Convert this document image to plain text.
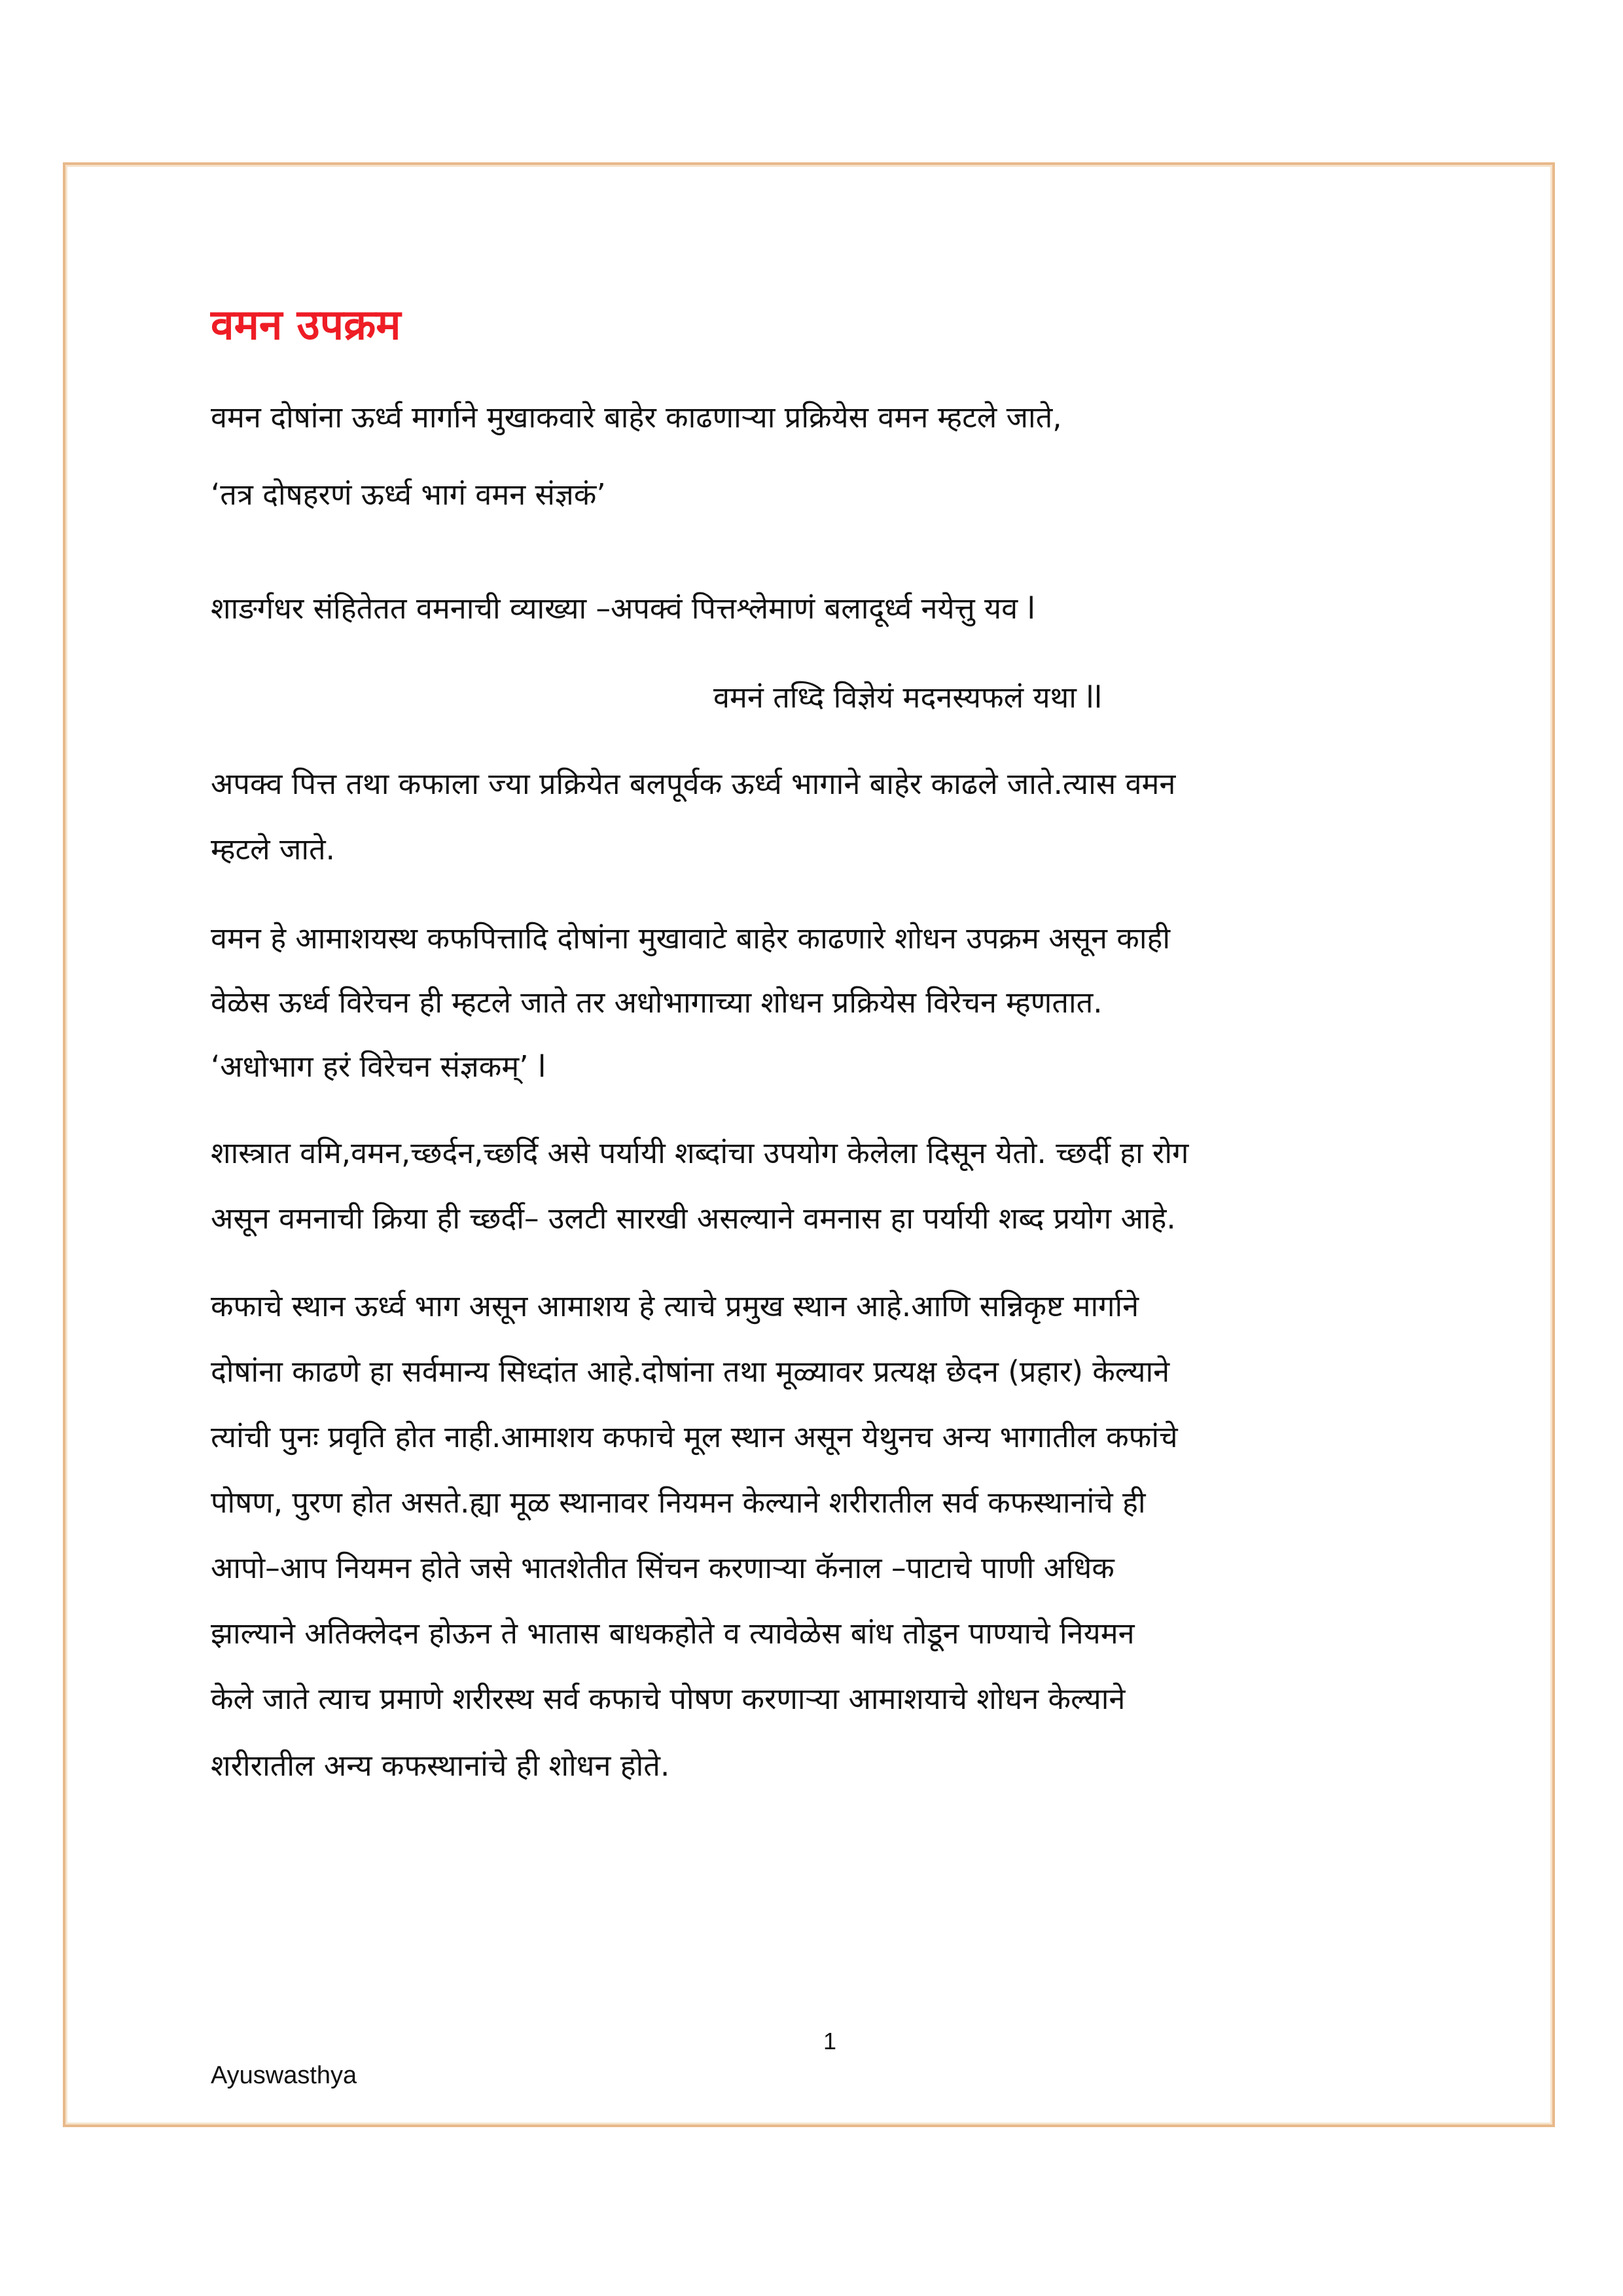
वमन उपक्रम

वमन दोषांना ऊर्ध्व मार्गाने मुखाकवारे बाहेर काढणाऱ्या प्रक्रियेस वमन म्हटले जाते,

‘तत्र दोषहरणं ऊर्ध्व भागं वमन संज्ञकं’

शाङर्गधर संहितेतत वमनाची व्याख्या –अपक्वं पित्तश्लेमाणं बलादूर्ध्व नयेत्तु यव l

वमनं तध्दि विज्ञेयं मदनस्यफलं यथा ll

अपक्व पित्त तथा कफाला ज्या प्रक्रियेत बलपूर्वक ऊर्ध्व भागाने बाहेर काढले जाते.त्यास वमन

म्हटले जाते.

वमन हे आमाशयस्थ कफपित्तादि दोषांना मुखावाटे बाहेर काढणारे शोधन उपक्रम असून काही

वेळेस ऊर्ध्व विरेचन ही म्हटले जाते तर अधोभागाच्या शोधन प्रक्रियेस विरेचन म्हणतात.

‘अधोभाग हरं विरेचन संज्ञकम्’ l

शास्त्रात वमि,वमन,च्छर्दन,च्छर्दि असे पर्यायी शब्दांचा उपयोग केलेला दिसून येतो. च्छर्दी हा रोग

असून वमनाची क्रिया ही च्छर्दी– उलटी सारखी असल्याने वमनास हा पर्यायी शब्द प्रयोग आहे.

कफाचे स्थान ऊर्ध्व भाग असून आमाशय हे त्याचे प्रमुख स्थान आहे.आणि सन्निकृष्ट मार्गाने

दोषांना काढणे हा सर्वमान्य सिध्दांत आहे.दोषांना तथा मूळ्यावर प्रत्यक्ष छेदन (प्रहार) केल्याने

त्यांची पुनः प्रवृति होत नाही.आमाशय कफाचे मूल स्थान असून येथुनच अन्य भागातील कफांचे

पोषण, पुरण होत असते.ह्या मूळ स्थानावर नियमन केल्याने शरीरातील सर्व कफस्थानांचे ही

आपो–आप नियमन होते जसे भातशेतीत सिंचन करणाऱ्या कॅनाल –पाटाचे पाणी अधिक

झाल्याने अतिक्लेदन होऊन ते भातास बाधकहोते व त्यावेळेस बांध तोडून पाण्याचे नियमन

केले जाते त्याच प्रमाणे शरीरस्थ सर्व कफाचे पोषण करणाऱ्या आमाशयाचे शोधन केल्याने

शरीरातील अन्य कफस्थानांचे ही शोधन होते.

1
Ayuswasthya
